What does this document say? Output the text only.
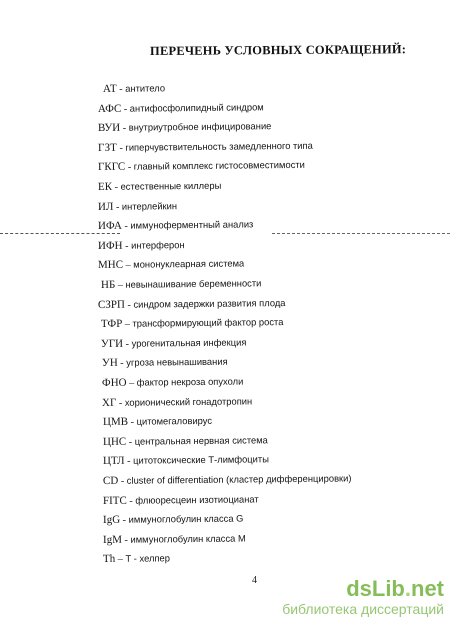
ПЕРЕЧЕНЬ УСЛОВНЫХ СОКРАЩЕНИЙ:
АТ - антитело
АФС - антифосфолипидный синдром
ВУИ - внутриутробное инфицирование
ГЗТ - гиперчувствительность замедленного типа
ГКГС - главный комплекс гистосовместимости
ЕК - естественные киллеры
ИЛ - интерлейкин
ИФА - иммуноферментный анализ
ИФН - интерферон
МНС – мононуклеарная система
НБ – невынашивание беременности
СЗРП - синдром задержки развития плода
ТФР – трансформирующий фактор роста
УГИ - урогенитальная инфекция
УН - угроза невынашивания
ФНО – фактор некроза опухоли
ХГ - хорионический гонадотропин
ЦМВ - цитомегаловирус
ЦНС - центральная нервная система
ЦТЛ - цитотоксические Т-лимфоциты
CD - cluster of differentiation (кластер дифференцировки)
FITC - флюоресцеин изотиоцианат
IgG - иммуноглобулин класса G
IgM - иммуноглобулин класса M
Th – Т - хелпер
4	dsLib.net
библиотека диссертаций
